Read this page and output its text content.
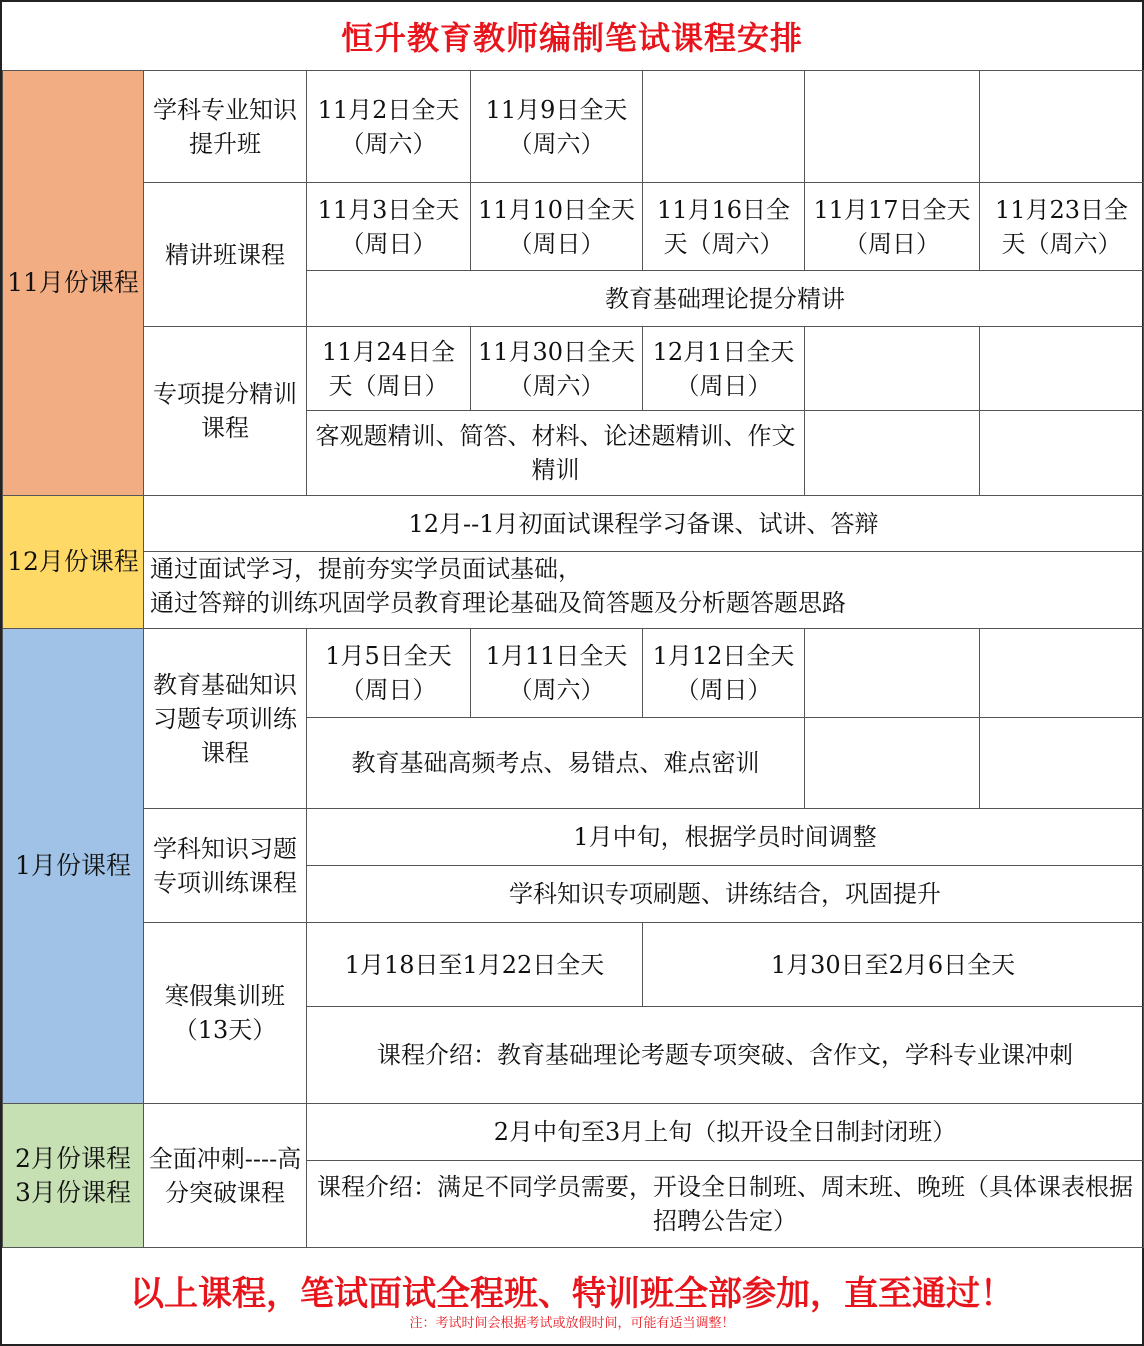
恒升教育教师编制笔试课程安排
11月份课程
学科专业知识提升班
11月2日全天（周六）
11月9日全天（周六）
精讲班课程
11月3日全天（周日）
11月10日全天（周日）
11月16日全天（周六）
11月17日全天（周日）
11月23日全天（周六）
教育基础理论提分精讲
专项提分精训课程
11月24日全天（周日）
11月30日全天（周六）
12月1日全天（周日）
客观题精训、简答、材料、论述题精训、作文精训
12月份课程
12月--1月初面试课程学习备课、试讲、答辩
通过面试学习，提前夯实学员面试基础，
通过答辩的训练巩固学员教育理论基础及简答题及分析题答题思路
1月份课程
教育基础知识习题专项训练课程
1月5日全天（周日）
1月11日全天（周六）
1月12日全天（周日）
教育基础高频考点、易错点、难点密训
学科知识习题专项训练课程
1月中旬，根据学员时间调整
学科知识专项刷题、讲练结合，巩固提升
寒假集训班
（13天）
1月18日至1月22日全天	1月30日至2月6日全天
课程介绍：教育基础理论考题专项突破、含作文，学科专业课冲刺
2月份课程
3月份课程
全面冲刺----高分突破课程
2月中旬至3月上旬（拟开设全日制封闭班）
课程介绍：满足不同学员需要，开设全日制班、周末班、晚班（具体课表根据招聘公告定）
以上课程，笔试面试全程班、特训班全部参加，直至通过！
注：考试时间会根据考试或放假时间，可能有适当调整！
